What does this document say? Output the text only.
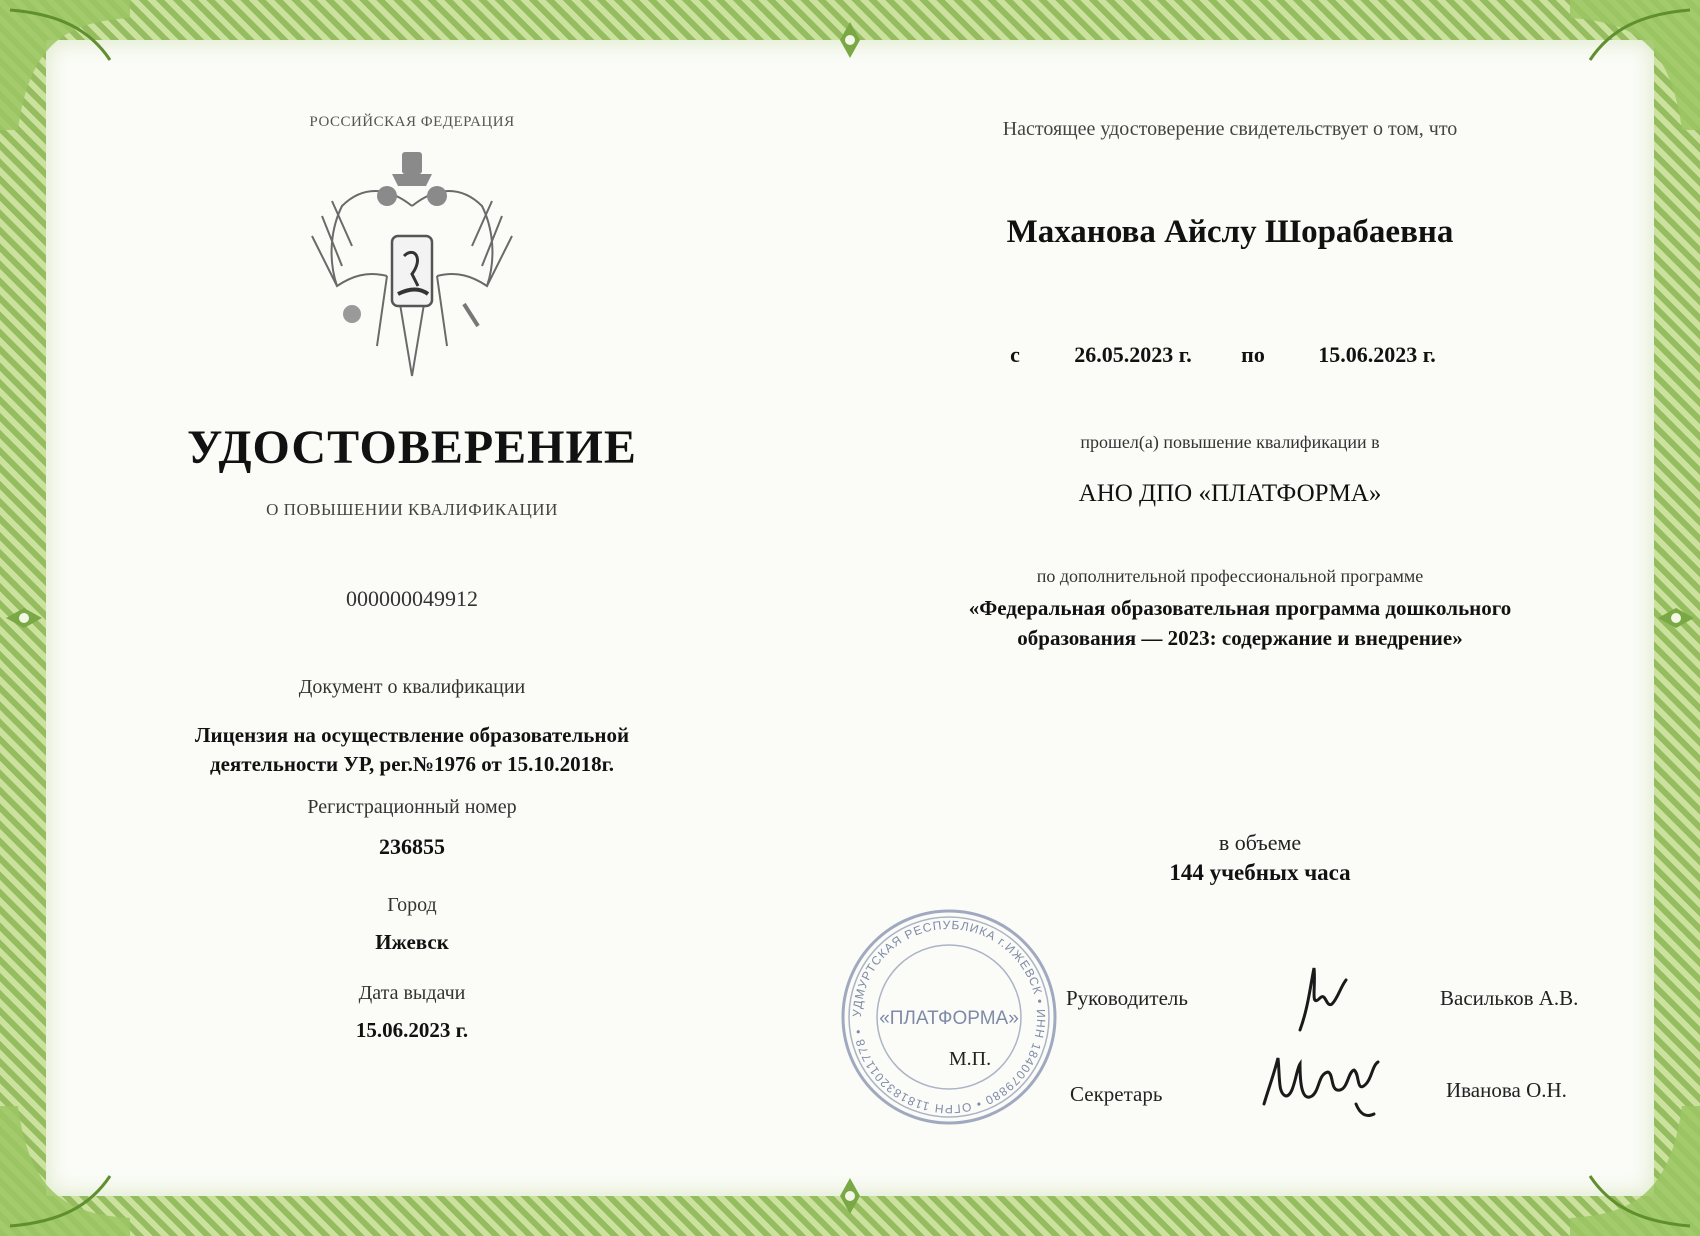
РОССИЙСКАЯ ФЕДЕРАЦИЯ
УДОСТОВЕРЕНИЕ
О ПОВЫШЕНИИ КВАЛИФИКАЦИИ
000000049912
Документ о квалификации
Лицензия на осуществление образовательной
деятельности УР, рег.№1976 от 15.10.2018г.
Регистрационный номер
236855
Город
Ижевск
Дата выдачи
15.06.2023 г.
Настоящее удостоверение свидетельствует о том, что
Маханова Айслу Шорабаевна
с	26.05.2023 г.	по	15.06.2023 г.
прошел(а) повышение квалификации в
АНО ДПО «ПЛАТФОРМА»
по дополнительной профессиональной программе
«Федеральная образовательная программа дошкольного
образования — 2023: содержание и внедрение»
в объеме
144 учебных часа
УДМУРТСКАЯ РЕСПУБЛИКА г.ИЖЕВСК • ИНН 1840079880 • ОГРН 1181832011778 •
«ПЛАТФОРМА»
М.П.
Руководитель	Васильков А.В.
Секретарь	Иванова О.Н.
